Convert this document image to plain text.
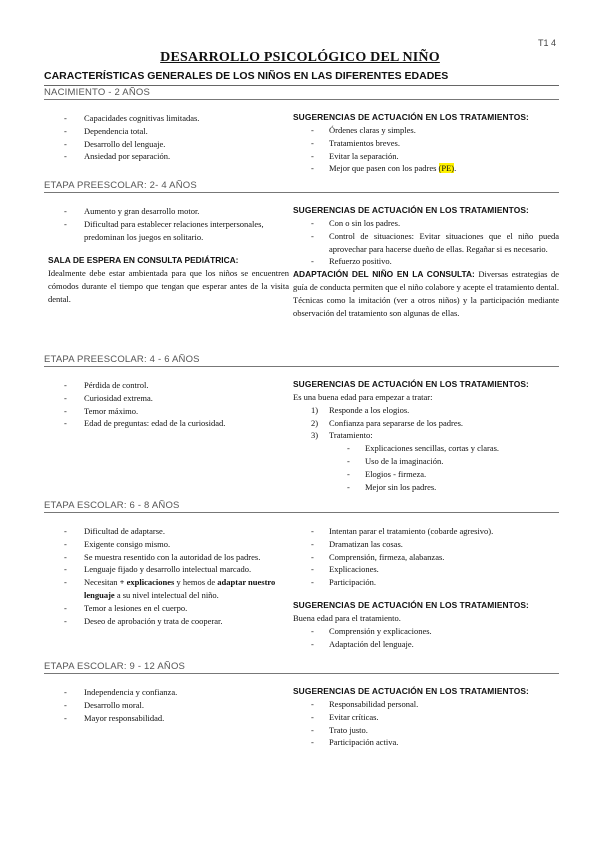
T1 4
DESARROLLO PSICOLÓGICO DEL NIÑO
CARACTERÍSTICAS GENERALES DE LOS NIÑOS EN LAS DIFERENTES EDADES
NACIMIENTO - 2 AÑOS
- Capacidades cognitivas limitadas.
- Dependencia total.
- Desarrollo del lenguaje.
- Ansiedad por separación.
SUGERENCIAS DE ACTUACIÓN EN LOS TRATAMIENTOS:
- Órdenes claras y simples.
- Tratamientos breves.
- Evitar la separación.
- Mejor que pasen con los padres (PE).
ETAPA PREESCOLAR: 2- 4 AÑOS
- Aumento y gran desarrollo motor.
- Dificultad para establecer relaciones interpersonales, predominan los juegos en solitario.
SALA DE ESPERA EN CONSULTA PEDIÁTRICA:
Idealmente debe estar ambientada para que los niños se encuentren cómodos durante el tiempo que tengan que esperar antes de la visita dental.
SUGERENCIAS DE ACTUACIÓN EN LOS TRATAMIENTOS:
- Con o sin los padres.
- Control de situaciones: Evitar situaciones que el niño pueda aprovechar para hacerse dueño de ellas. Regañar si es necesario.
- Refuerzo positivo.
ADAPTACIÓN DEL NIÑO EN LA CONSULTA: Diversas estrategias de guía de conducta permiten que el niño colabore y acepte el tratamiento dental. Técnicas como la imitación (ver a otros niños) y la participación mediante observación del tratamiento son algunas de ellas.
ETAPA PREESCOLAR: 4 - 6 AÑOS
- Pérdida de control.
- Curiosidad extrema.
- Temor máximo.
- Edad de preguntas: edad de la curiosidad.
SUGERENCIAS DE ACTUACIÓN EN LOS TRATAMIENTOS:
Es una buena edad para empezar a tratar:
1) Responde a los elogios.
2) Confianza para separarse de los padres.
3) Tratamiento:
- Explicaciones sencillas, cortas y claras.
- Uso de la imaginación.
- Elogios - firmeza.
- Mejor sin los padres.
ETAPA ESCOLAR: 6 - 8 AÑOS
- Dificultad de adaptarse.
- Exigente consigo mismo.
- Se muestra resentido con la autoridad de los padres.
- Lenguaje fijado y desarrollo intelectual marcado.
- Necesitan + explicaciones y hemos de adaptar nuestro lenguaje a su nivel intelectual del niño.
- Temor a lesiones en el cuerpo.
- Deseo de aprobación y trata de cooperar.
- Intentan parar el tratamiento (cobarde agresivo).
- Dramatizan las cosas.
- Comprensión, firmeza, alabanzas.
- Explicaciones.
- Participación.
SUGERENCIAS DE ACTUACIÓN EN LOS TRATAMIENTOS:
Buena edad para el tratamiento.
- Comprensión y explicaciones.
- Adaptación del lenguaje.
ETAPA ESCOLAR: 9 - 12 AÑOS
- Independencia y confianza.
- Desarrollo moral.
- Mayor responsabilidad.
SUGERENCIAS DE ACTUACIÓN EN LOS TRATAMIENTOS:
- Responsabilidad personal.
- Evitar críticas.
- Trato justo.
- Participación activa.
